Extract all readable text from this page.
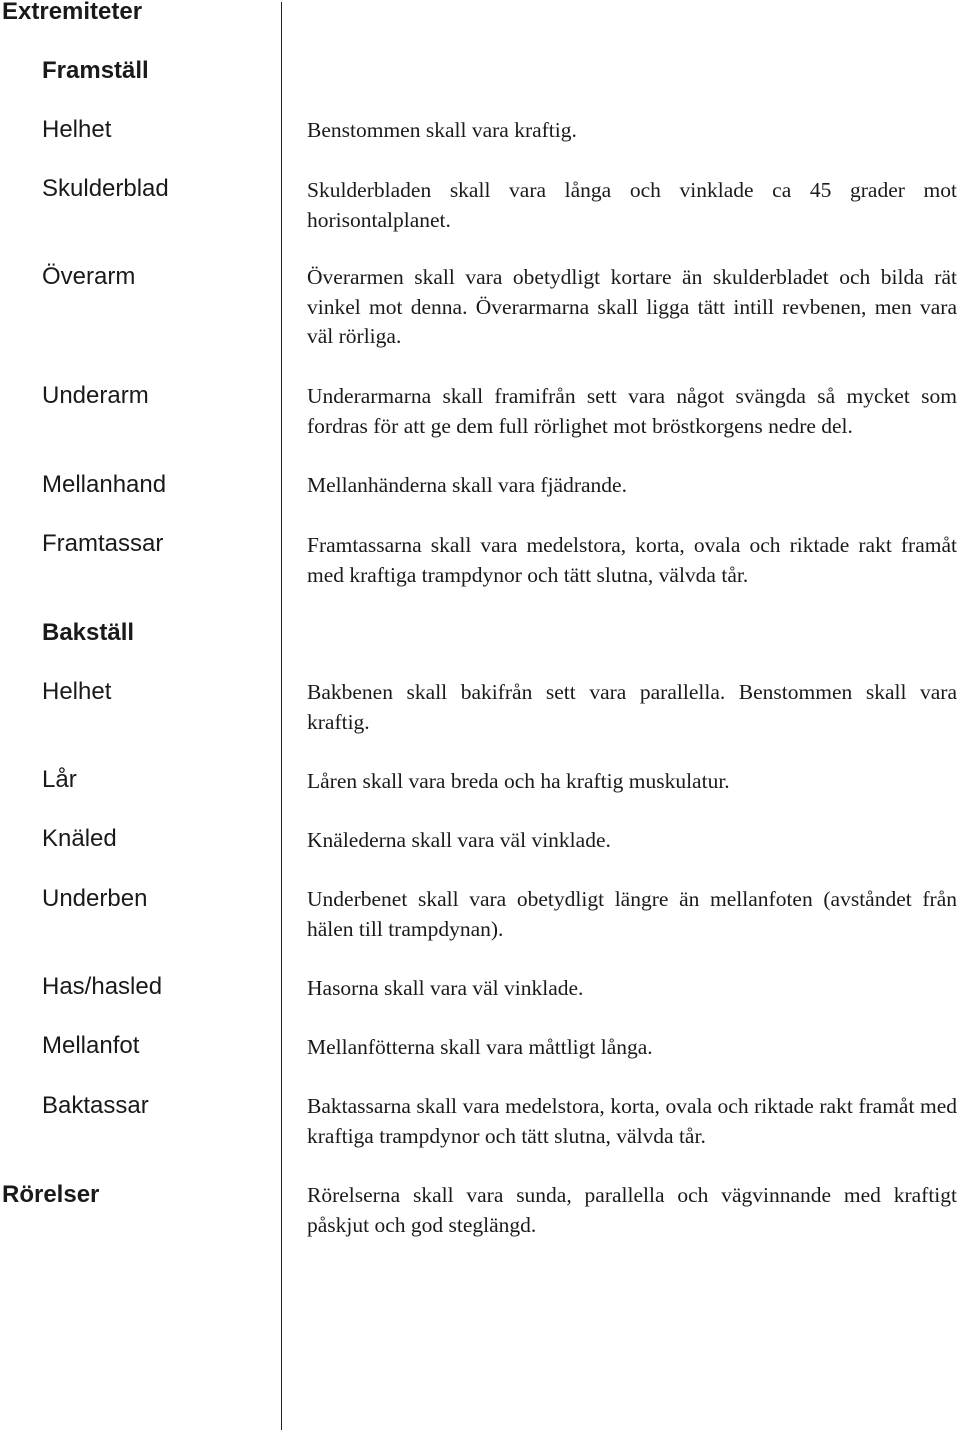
Extremiteter
Framställ
Helhet	Benstommen skall vara kraftig.
Skulderblad	Skulderbladen skall vara långa och vinklade ca 45 grader mot horisontalplanet.
Överarm	Överarmen skall vara obetydligt kortare än skulderbladet och bilda rät vinkel mot denna. Överarmarna skall ligga tätt intill revbenen, men vara väl rörliga.
Underarm	Underarmarna skall framifrån sett vara något svängda så mycket som fordras för att ge dem full rörlighet mot bröstkorgens nedre del.
Mellanhand	Mellanhänderna skall vara fjädrande.
Framtassar	Framtassarna skall vara medelstora, korta, ovala och riktade rakt framåt med kraftiga trampdynor och tätt slutna, välvda tår.
Bakställ
Helhet	Bakbenen skall bakifrån sett vara parallella. Benstommen skall vara kraftig.
Lår	Låren skall vara breda och ha kraftig muskulatur.
Knäled	Knälederna skall vara väl vinklade.
Underben	Underbenet skall vara obetydligt längre än mellanfoten (avståndet från hälen till trampdynan).
Has/hasled	Hasorna skall vara väl vinklade.
Mellanfot	Mellanfötterna skall vara måttligt långa.
Baktassar	Baktassarna skall vara medelstora, korta, ovala och riktade rakt framåt med kraftiga trampdynor och tätt slutna, välvda tår.
Rörelser	Rörelserna skall vara sunda, parallella och vägvinnande med kraftigt påskjut och god steglängd.
